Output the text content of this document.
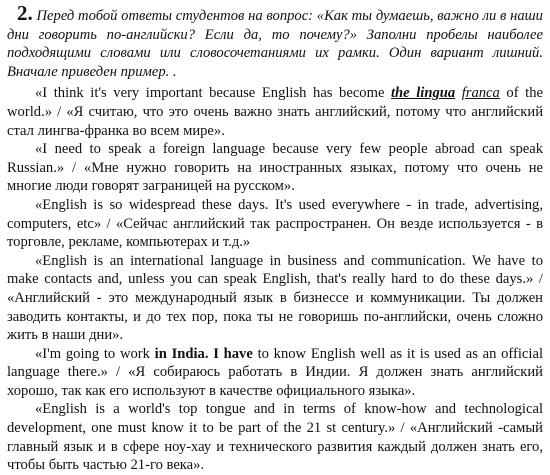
2. Перед тобой ответы студентов на вопрос: «Как ты думаешь, важно ли в наши дни говорить по-английски? Если да, то почему?» Заполни пробелы наиболее подходящими словами или словосочетаниями их рамки. Один вариант лишний. Вначале приведен пример. .

«I think it's very important because English has become the lingua franca of the world.» / «Я считаю, что это очень важно знать английский, потому что английский стал лингва-франка во всем мире».

«I need to speak a foreign language because very few people abroad can speak Russian.» / «Мне нужно говорить на иностранных языках, потому что очень не многие люди говорят заграницей на русском».

«English is so widespread these days. It's used everywhere - in trade, advertising, computers, etc» / «Сейчас английский так распространен. Он везде используется - в торговле, рекламе, компьютерах и т.д.»

«English is an international language in business and communication. We have to make contacts and, unless you can speak English, that's really hard to do these days.» / «Английский - это международный язык в бизнессе и коммуникации. Ты должен заводить контакты, и до тех пор, пока ты не говоришь по-английски, очень сложно жить в наши дни».

«I'm going to work in India. I have to know English well as it is used as an official language there.» / «Я собираюсь работать в Индии. Я должен знать английский хорошо, так как его используют в качестве официального языка».

«English is a world's top tongue and in terms of know-how and technological development, one must know it to be part of the 21 st century.» / «Английский -самый главный язык и в сфере ноу-хау и технического развития каждый должен знать его, чтобы быть частью 21-го века».
